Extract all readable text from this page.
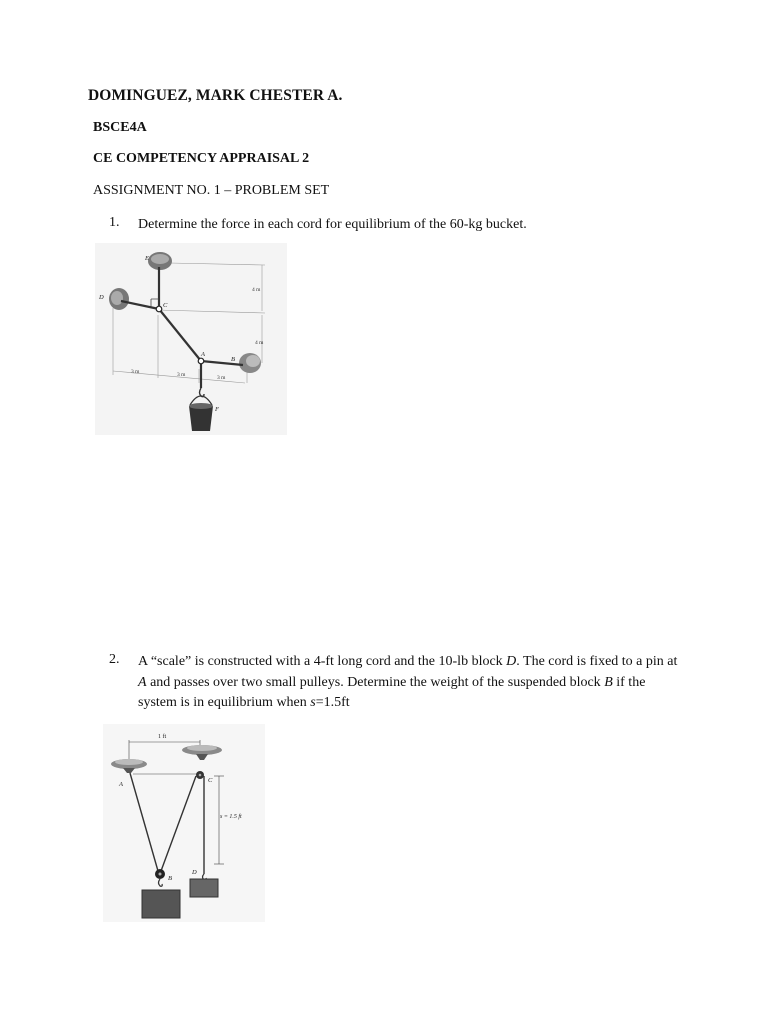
DOMINGUEZ, MARK CHESTER A.
BSCE4A
CE COMPETENCY APPRAISAL 2
ASSIGNMENT NO. 1 – PROBLEM SET
1. Determine the force in each cord for equilibrium of the 60-kg bucket.
E
D
C
A
B
F
4 m
4 m
3 m	3 m	3 m
2. A “scale” is constructed with a 4-ft long cord and the 10-lb block D. The cord is fixed to a pin at A and passes over two small pulleys. Determine the weight of the suspended block B if the system is in equilibrium when s=1.5ft
1 ft
s = 1.5 ft
A
B
C
D
